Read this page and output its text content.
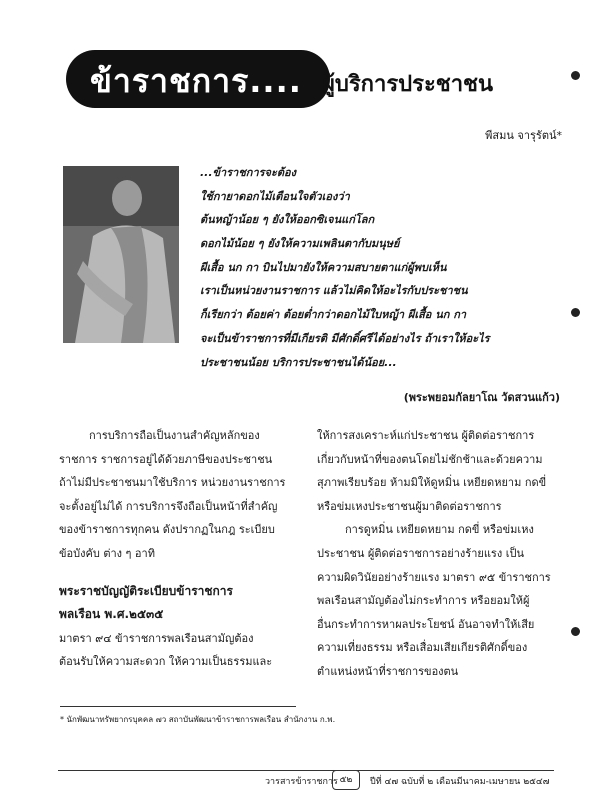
ข้าราชการ.... ผู้บริการประชาชน
พีสมน จารุรัตน์*
...ข้าราชการจะต้อง
ใช้กายาดอกไม้เตือนใจตัวเองว่า
ต้นหญ้าน้อย ๆ ยังให้ออกซิเจนแก่โลก
ดอกไม้น้อย ๆ ยังให้ความเพลินตากับมนุษย์
ผีเสื้อ นก กา บินไปมายังให้ความสบายตาแก่ผู้พบเห็น
เราเป็นหน่วยงานราชการ แล้วไม่คิดให้อะไรกับประชาชน
ก็เรียกว่า ต้อยค่า ต้อยต่ำกว่าดอกไม้ใบหญ้า ผีเสื้อ นก กา
จะเป็นข้าราชการที่มีเกียรติ มีศักดิ์ศรีได้อย่างไร ถ้าเราให้อะไร
ประชาชนน้อย บริการประชาชนได้น้อย...
(พระพยอมกัลยาโณ วัดสวนแก้ว)
การบริการถือเป็นงานสำคัญหลักของ
ราชการ ราชการอยู่ได้ด้วยภาษีของประชาชน
ถ้าไม่มีประชาชนมาใช้บริการ หน่วยงานราชการ
จะตั้งอยู่ไม่ได้ การบริการจึงถือเป็นหน้าที่สำคัญ
ของข้าราชการทุกคน ดังปรากฏในกฎ ระเบียบ
ข้อบังคับ ต่าง ๆ อาทิ
พระราชบัญญัติระเบียบข้าราชการ
พลเรือน พ.ศ.๒๕๓๕
มาตรา ๙๔ ข้าราชการพลเรือนสามัญต้อง
ต้อนรับให้ความสะดวก ให้ความเป็นธรรมและ
ให้การสงเคราะห์แก่ประชาชน ผู้ติดต่อราชการ
เกี่ยวกับหน้าที่ของตนโดยไม่ชักช้าและด้วยความ
สุภาพเรียบร้อย ห้ามมิให้ดูหมิ่น เหยียดหยาม กดขี่
หรือข่มเหงประชาชนผู้มาติดต่อราชการ
การดูหมิ่น เหยียดหยาม กดขี่ หรือข่มเหง
ประชาชน ผู้ติดต่อราชการอย่างร้ายแรง เป็น
ความผิดวินัยอย่างร้ายแรง มาตรา ๙๕ ข้าราชการ
พลเรือนสามัญต้องไม่กระทำการ หรือยอมให้ผู้
อื่นกระทำการหาผลประโยชน์ อันอาจทำให้เสีย
ความเที่ยงธรรม หรือเสื่อมเสียเกียรติศักดิ์ของ
ตำแหน่งหน้าที่ราชการของตน
* นักพัฒนาทรัพยากรบุคคล ๗ว สถาบันพัฒนาข้าราชการพลเรือน สำนักงาน ก.พ.
วารสารข้าราชการ ๕๒	ปีที่ ๔๗ ฉบับที่ ๒ เดือนมีนาคม-เมษายน ๒๕๔๗
